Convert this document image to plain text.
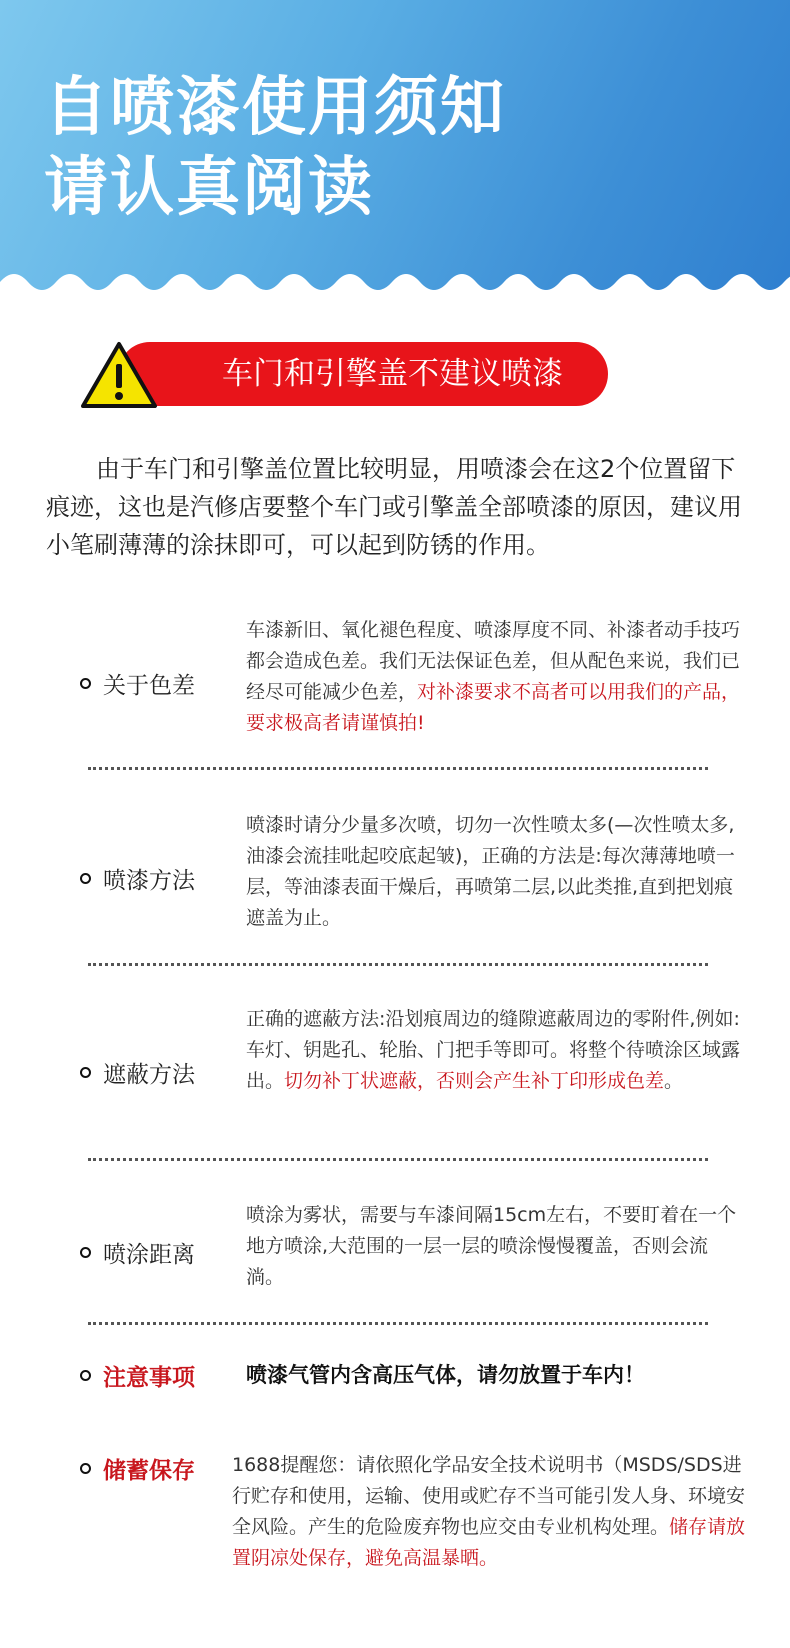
自喷漆使用须知
请认真阅读
车门和引擎盖不建议喷漆

由于车门和引擎盖位置比较明显，用喷漆会在这2个位置留下痕迹，这也是汽修店要整个车门或引擎盖全部喷漆的原因，建议用小笔刷薄薄的涂抹即可，可以起到防锈的作用。

关于色差

车漆新旧、氧化褪色程度、喷漆厚度不同、补漆者动手技巧都会造成色差。我们无法保证色差，但从配色来说，我们已经尽可能减少色差，对补漆要求不高者可以用我们的产品，要求极高者请谨慎拍!

喷漆方法

喷漆时请分少量多次喷，切勿一次性喷太多(—次性喷太多,油漆会流挂吡起咬底起皱)，正确的方法是:每次薄薄地喷一层，等油漆表面干燥后，再喷第二层,以此类推,直到把划痕遮盖为止。

遮蔽方法

正确的遮蔽方法:沿划痕周边的缝隙遮蔽周边的零附件,例如:车灯、钥匙孔、轮胎、门把手等即可。将整个待喷涂区域露出。切勿补丁状遮蔽，否则会产生补丁印形成色差。

喷涂距离

喷涂为雾状，需要与车漆间隔15cm左右，不要盯着在一个地方喷涂,大范围的一层一层的喷涂慢慢覆盖，否则会流淌。

注意事项 喷漆气管内含高压气体，请勿放置于车内！
储蓄保存 1688提醒您：请依照化学品安全技术说明书（MSDS/SDS进行贮存和使用，运输、使用或贮存不当可能引发人身、环境安全风险。产生的危险废弃物也应交由专业机构处理。储存请放置阴凉处保存，避免高温暴晒。
